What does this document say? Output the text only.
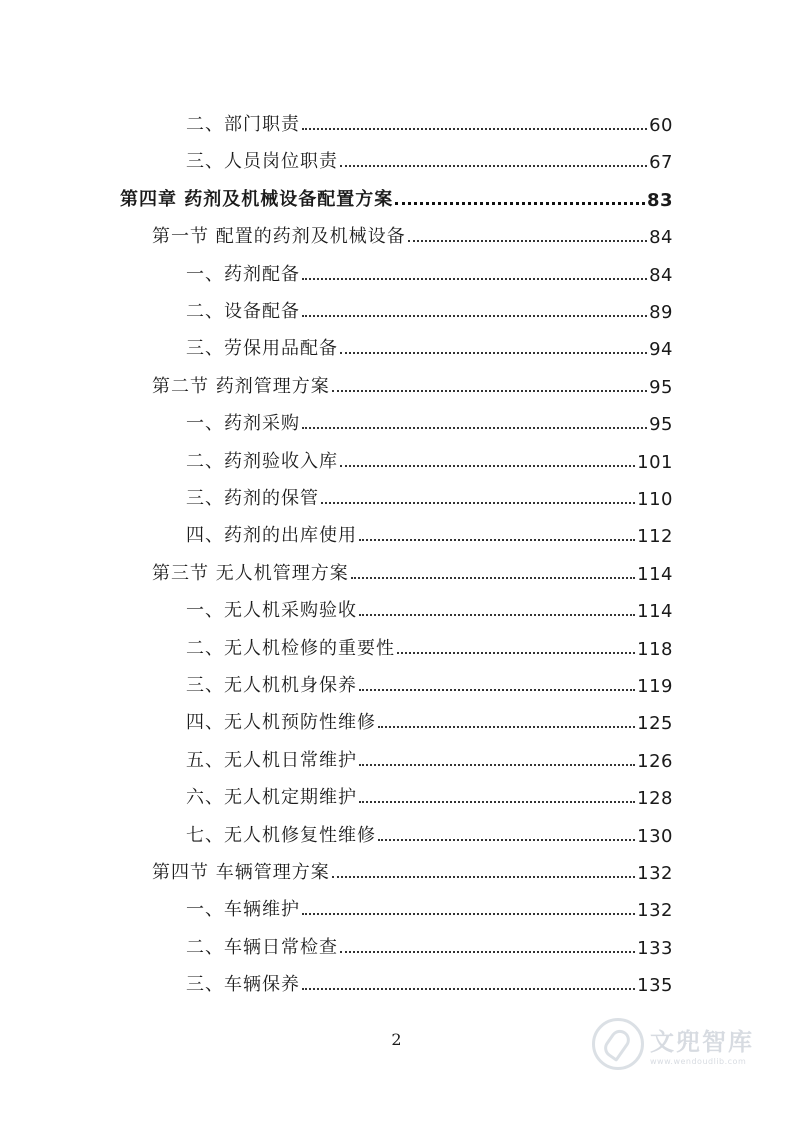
二、部门职责	60
三、人员岗位职责	67
第四章 药剂及机械设备配置方案	83
第一节 配置的药剂及机械设备	84
一、药剂配备	84
二、设备配备	89
三、劳保用品配备	94
第二节 药剂管理方案	95
一、药剂采购	95
二、药剂验收入库	101
三、药剂的保管	110
四、药剂的出库使用	112
第三节 无人机管理方案	114
一、无人机采购验收	114
二、无人机检修的重要性	118
三、无人机机身保养	119
四、无人机预防性维修	125
五、无人机日常维护	126
六、无人机定期维护	128
七、无人机修复性维修	130
第四节 车辆管理方案	132
一、车辆维护	132
二、车辆日常检查	133
三、车辆保养	135
2	文兜智库
www.wendoudlib.com
